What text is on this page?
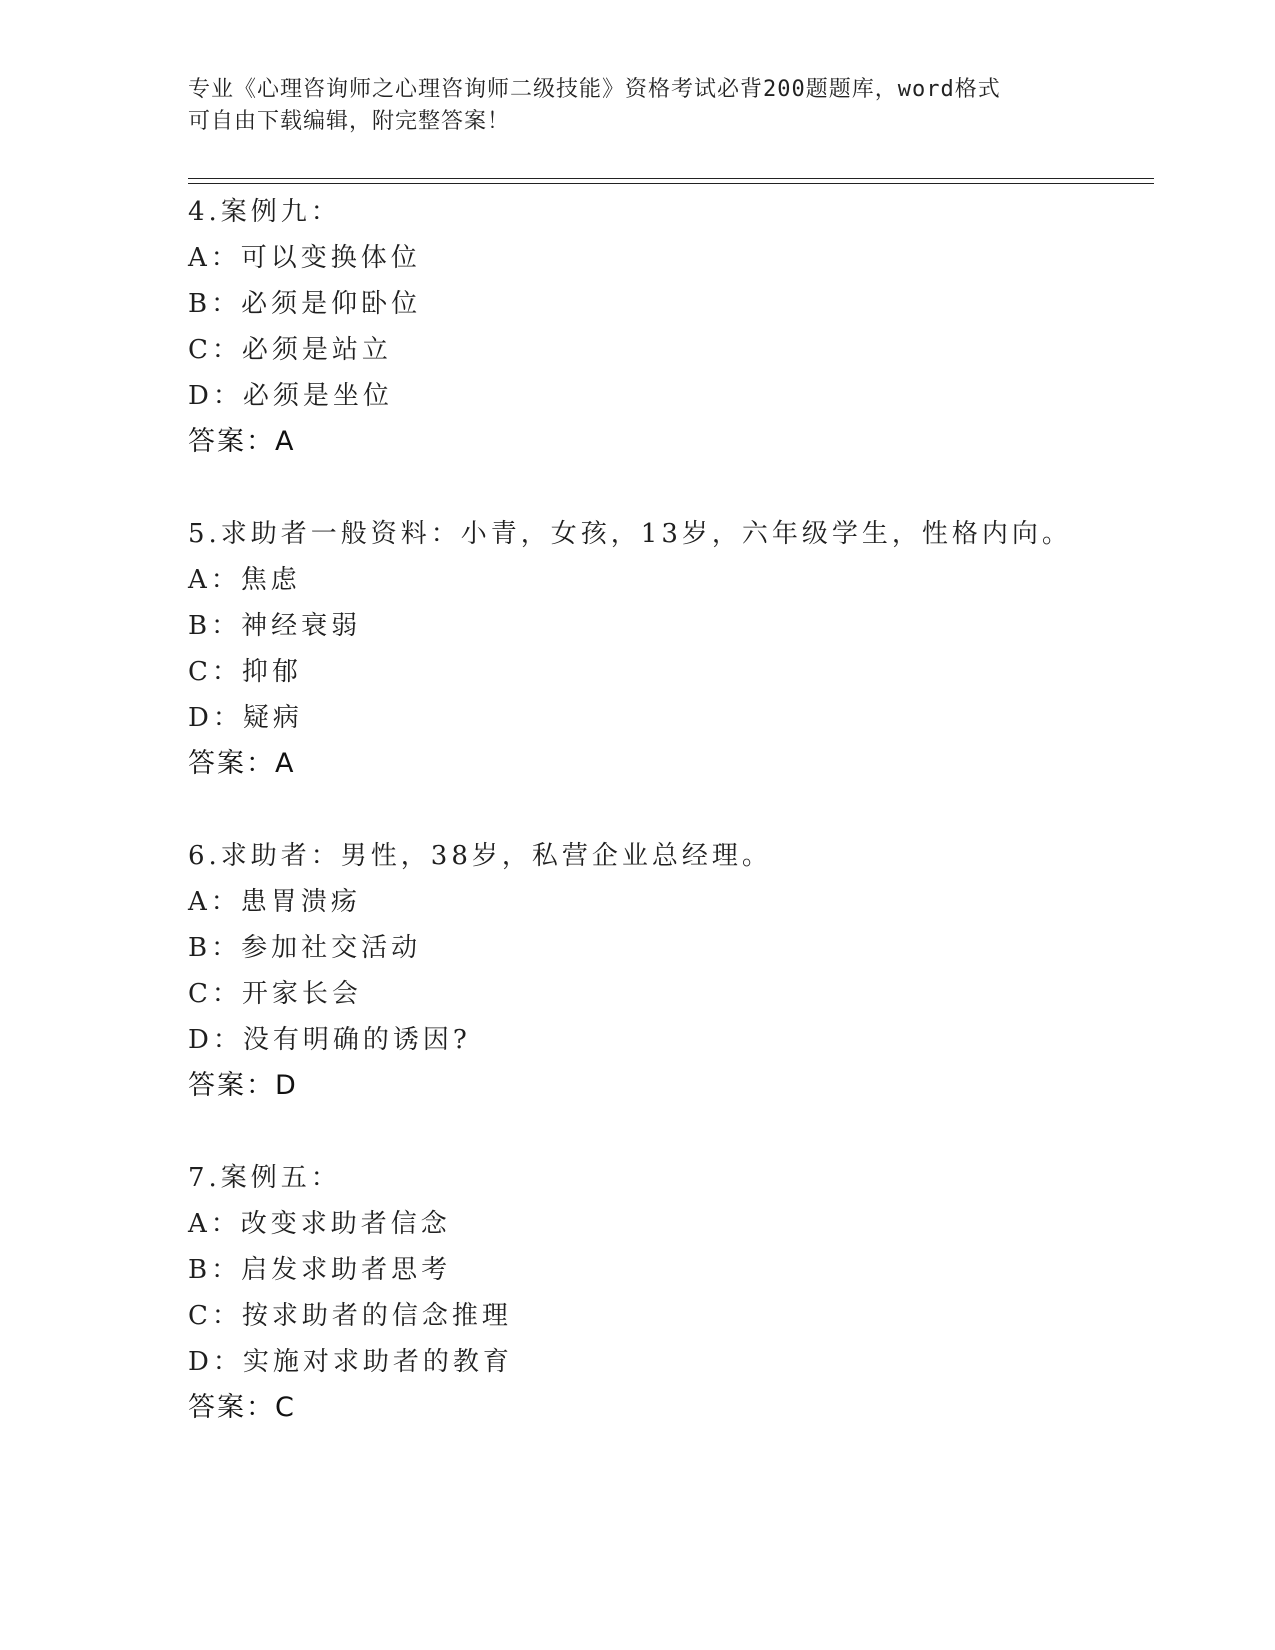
专业《心理咨询师之心理咨询师二级技能》资格考试必背200题题库，word格式
可自由下载编辑，附完整答案！
4.案例九：
A：可以变换体位
B：必须是仰卧位
C：必须是站立
D：必须是坐位
答案：A
5.求助者一般资料：小青，女孩，13岁，六年级学生，性格内向。
A：焦虑
B：神经衰弱
C：抑郁
D：疑病
答案：A
6.求助者：男性，38岁，私营企业总经理。
A：患胃溃疡
B：参加社交活动
C：开家长会
D：没有明确的诱因?
答案：D
7.案例五：
A：改变求助者信念
B：启发求助者思考
C：按求助者的信念推理
D：实施对求助者的教育
答案：C
